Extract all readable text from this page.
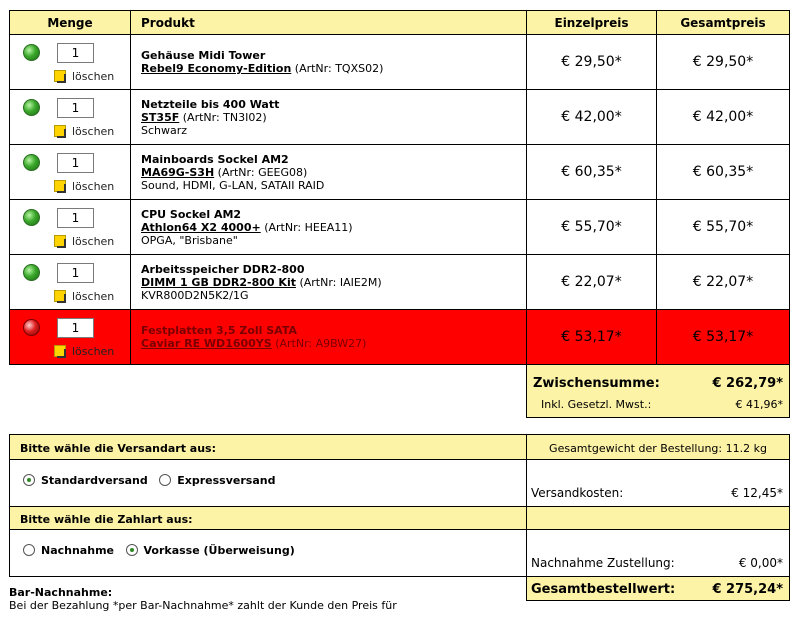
Menge	Produkt	Einzelpreis	Gesamtpreis

1
löschen	Gehäuse Midi Tower
Rebel9 Economy-Edition (ArtNr: TQXS02)	€ 29,50*	€ 29,50*

1
löschen	Netzteile bis 400 Watt
ST35F (ArtNr: TN3I02)
Schwarz	€ 42,00*	€ 42,00*

1
löschen	Mainboards Sockel AM2
MA69G-S3H (ArtNr: GEEG08)
Sound, HDMI, G-LAN, SATAII RAID	€ 60,35*	€ 60,35*

1
löschen	CPU Sockel AM2
Athlon64 X2 4000+ (ArtNr: HEEA11)
OPGA, "Brisbane"	€ 55,70*	€ 55,70*

1
löschen	Arbeitsspeicher DDR2-800
DIMM 1 GB DDR2-800 Kit (ArtNr: IAIE2M)
KVR800D2N5K2/1G	€ 22,07*	€ 22,07*

1
löschen	Festplatten 3,5 Zoll SATA
Caviar RE WD1600YS (ArtNr: A9BW27)	€ 53,17*	€ 53,17*
Zwischensumme:	€ 262,79*
Inkl. Gesetzl. Mwst.:	€ 41,96*
Bitte wähle die Versandart aus:	Gesamtgewicht der Bestellung: 11.2 kg
Standardversand	Expressversand
Versandkosten:	€ 12,45*
Bitte wähle die Zahlart aus:
Nachnahme	Vorkasse (Überweisung)
Nachnahme Zustellung:	€ 0,00*
Gesamtbestellwert:	€ 275,24*
Bar-Nachnahme:
Bei der Bezahlung *per Bar-Nachnahme* zahlt der Kunde den Preis für
